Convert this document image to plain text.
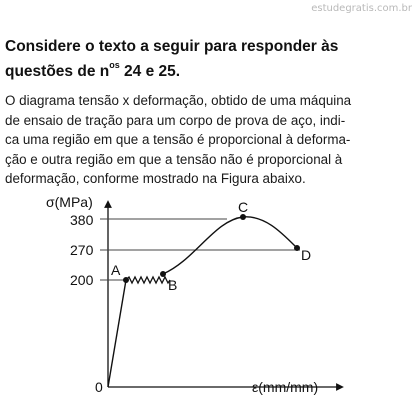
estudegratis.com.br
Considere o texto a seguir para responder às
questões de $n^{os}$ 24 e 25.
O diagrama tensão x deformação, obtido de uma máquina
de ensaio de tração para um corpo de prova de aço, indi-
ca uma região em que a tensão é proporcional à deforma-
ção e outra região em que a tensão não é proporcional à
deformação, conforme mostrado na Figura abaixo.
σ(MPa)
ε(mm/mm)
0
380
270
200
A
B
C
D
